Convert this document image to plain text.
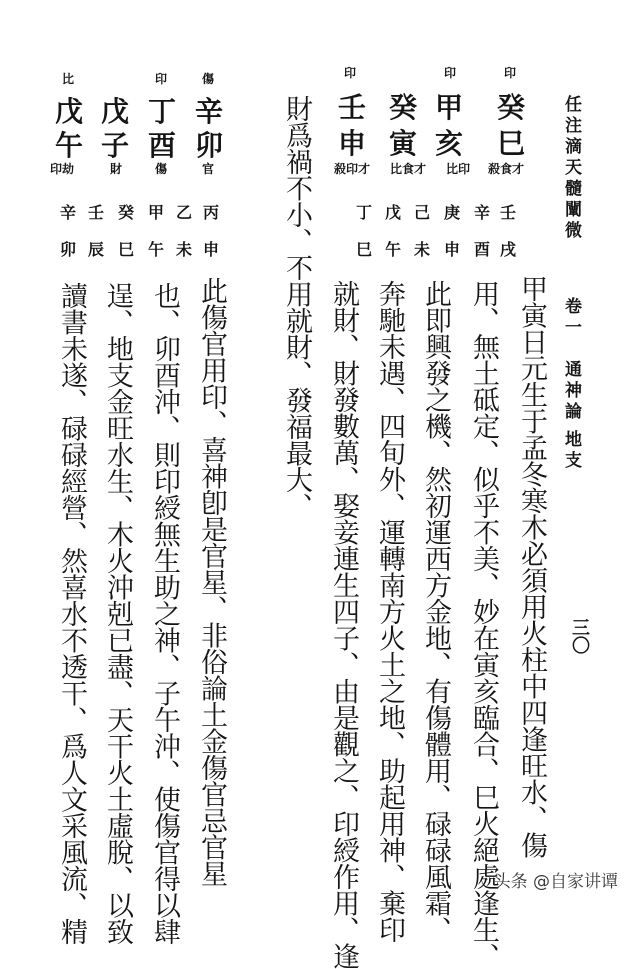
任注滴天髓闡微
卷一
通神論
地支
三〇
印
印
印
癸
甲
癸
壬
巳
亥
寅
申
殺食才
比印
比食才
殺印才
壬
辛
庚
己
戊
丁
戌
酉
申
未
午
巳
傷
印
比
辛
丁
戊
戊
卯
酉
子
午
官
傷
財
印劫
丙
乙
甲
癸
壬
辛
申
未
午
巳
辰
卯
甲寅日元生于孟冬寒木必須用火柱中四逢旺水、傷
用、無土砥定、似乎不美、妙在寅亥臨合、巳火絕處逢生、
此即興發之機、然初運西方金地、有傷體用、碌碌風霜、
奔馳未遇、四旬外、運轉南方火土之地、助起用神、棄印
就財、財發數萬、娶妾連生四子、由是觀之、印綬作用、逢
財爲禍不小、不用就財、發福最大、
此傷官用印、喜神卽是官星、非俗論土金傷官忌官星
也、卯酉沖、則印綬無生助之神、子午沖、使傷官得以肆
逞、地支金旺水生、木火沖剋已盡、天干火土虛脫、以致
讀書未遂、碌碌經營、然喜水不透干、爲人文采風流、精	头条 @自家讲谭
